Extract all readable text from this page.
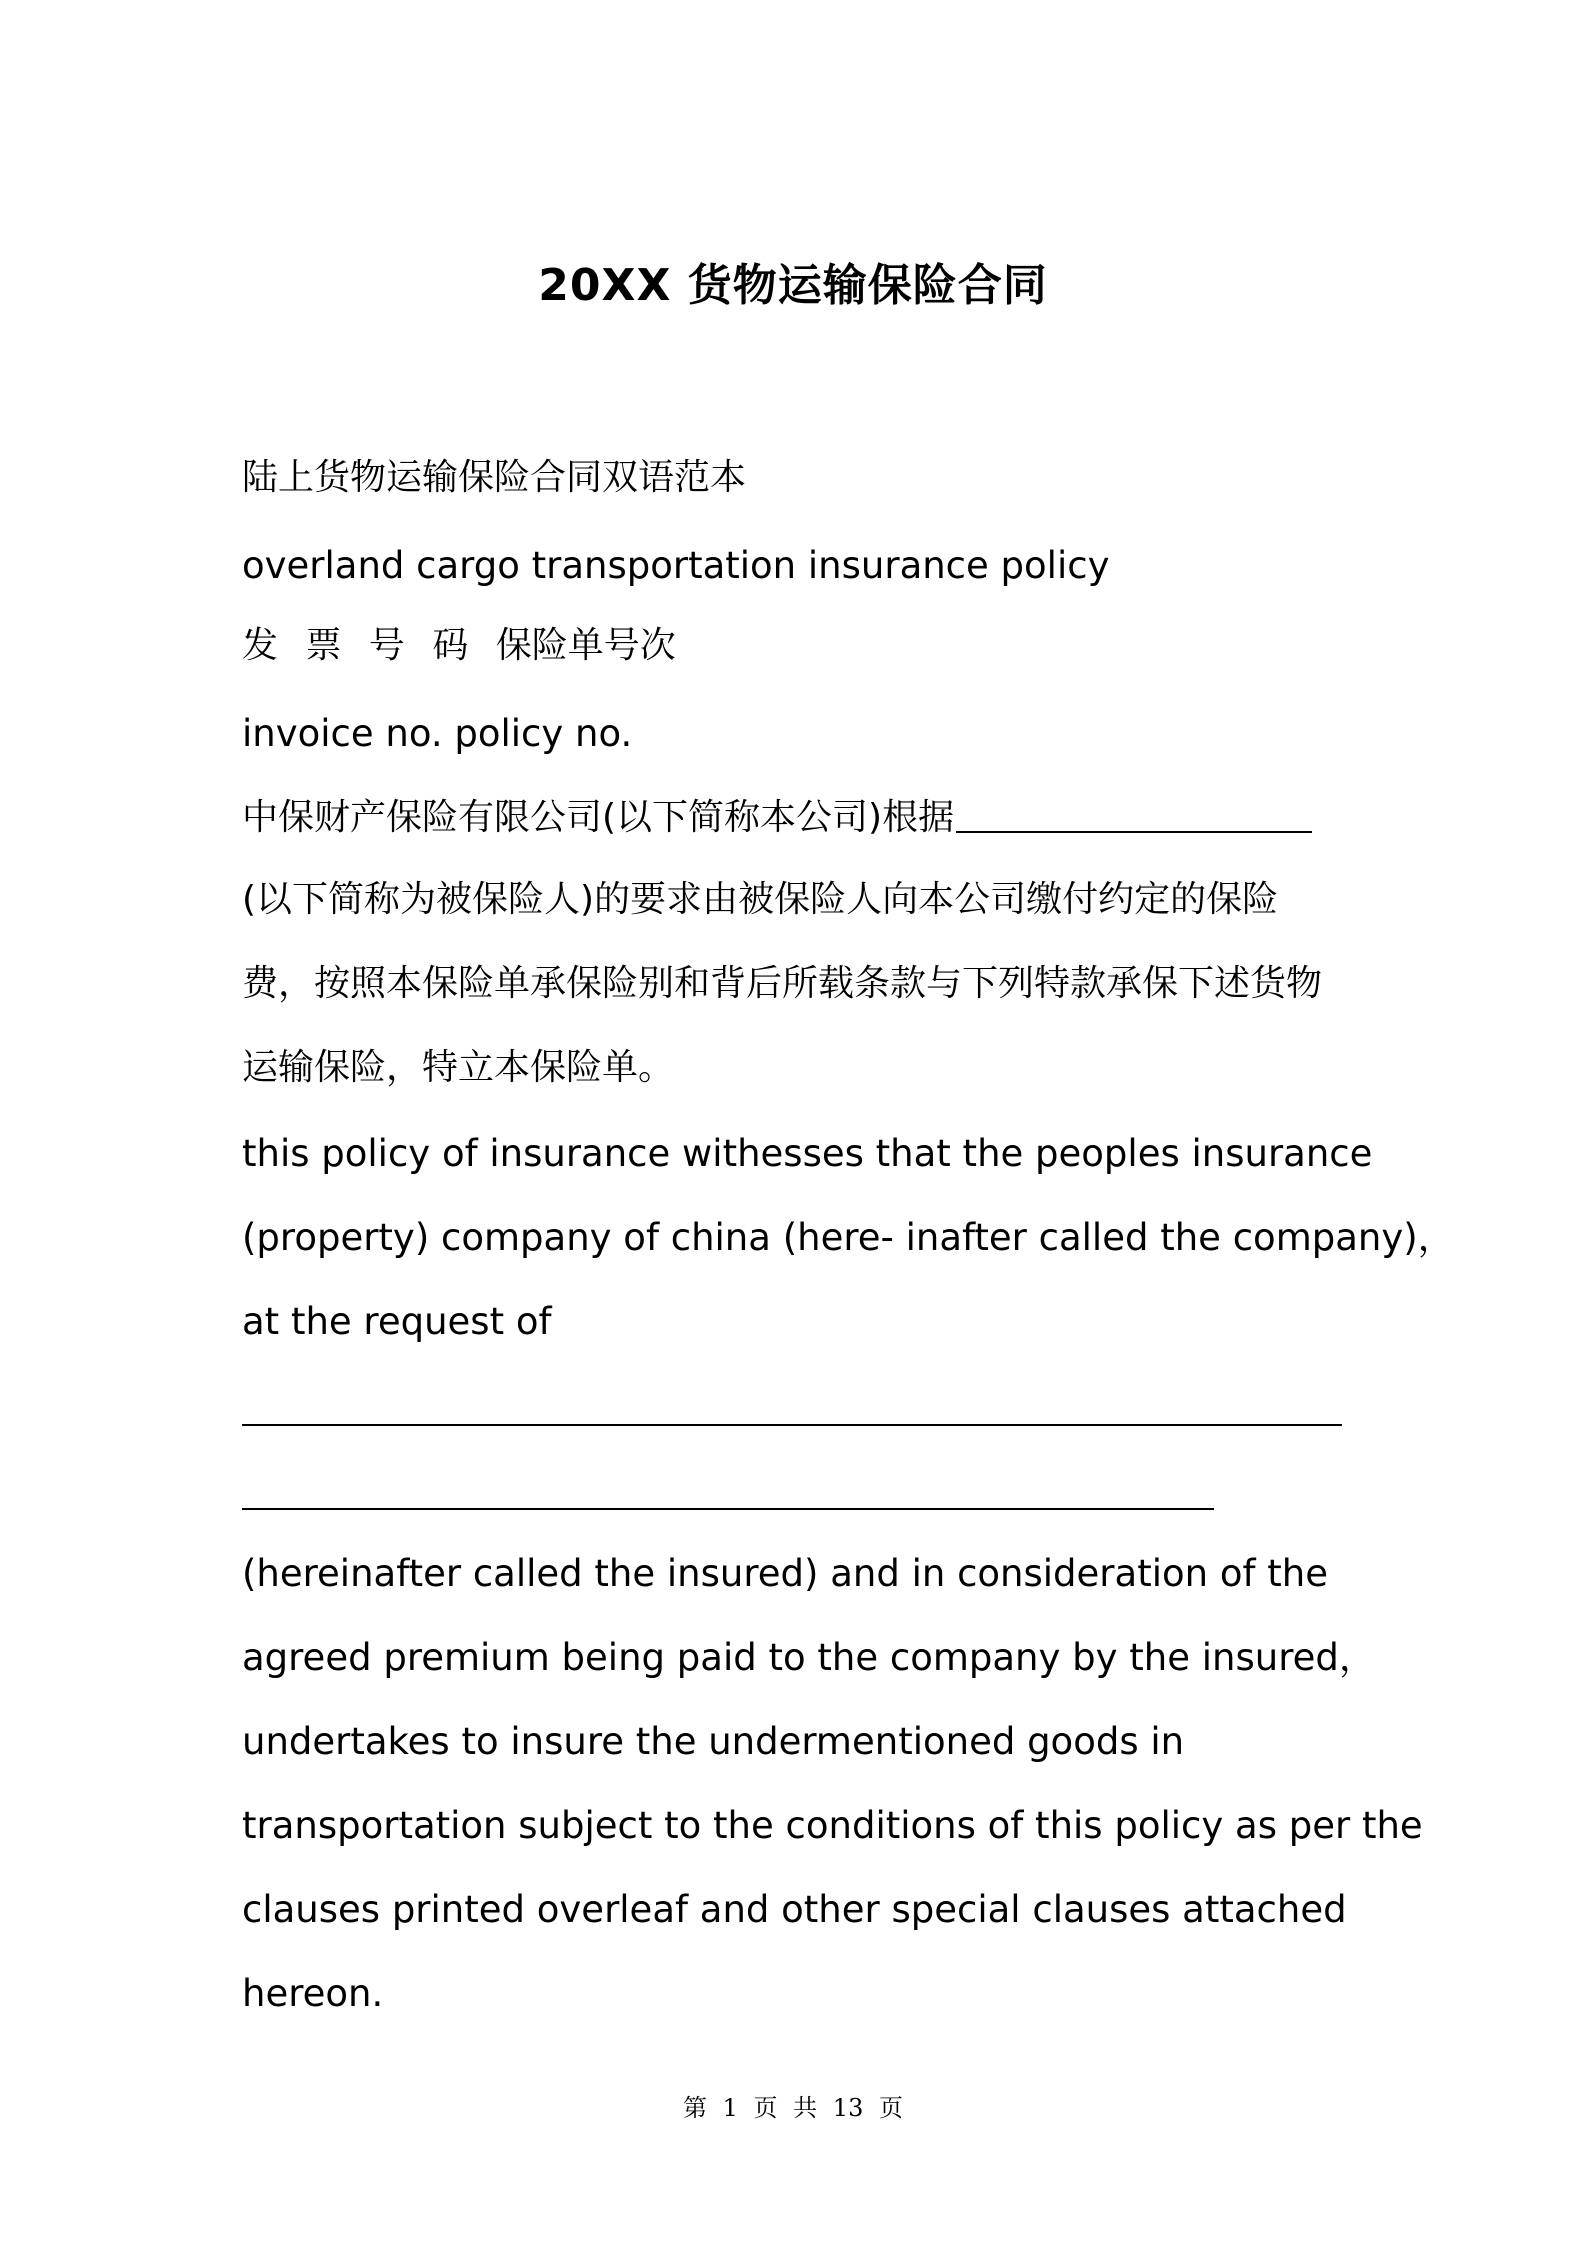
20XX 货物运输保险合同
陆上货物运输保险合同双语范本
overland cargo transportation insurance policy
发 票 号 码 保险单号次
invoice no. policy no.
中保财产保险有限公司(以下简称本公司)根据
(以下简称为被保险人)的要求由被保险人向本公司缴付约定的保险
费，按照本保险单承保险别和背后所载条款与下列特款承保下述货物
运输保险，特立本保险单。
this policy of insurance withesses that the peoples insurance
(property) company of china (here- inafter called the company)，
at the request of
(hereinafter called the insured) and in consideration of the
agreed premium being paid to the company by the insured，
undertakes to insure the undermentioned goods in
transportation subject to the conditions of this policy as per the
clauses printed overleaf and other special clauses attached
hereon.
第 1 页 共 13 页
